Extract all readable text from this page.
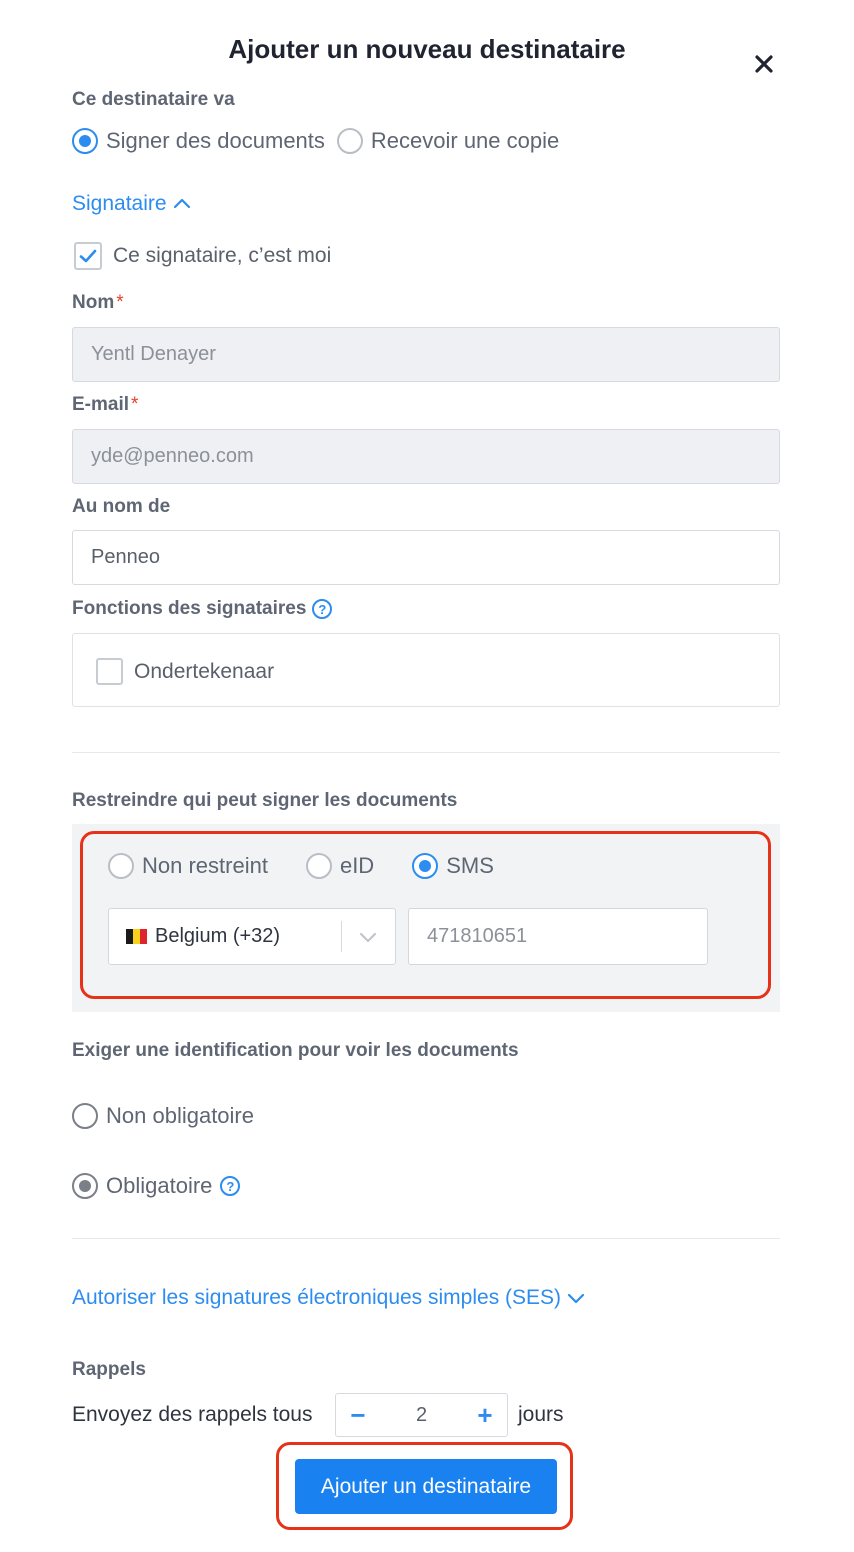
Ajouter un nouveau destinataire
Ce destinataire va
Signer des documents Recevoir une copie
Signataire
Ce signataire, c’est moi
Nom *
Yentl Denayer
E-mail *
yde@penneo.com
Au nom de
Penneo
Fonctions des signataires ?
Ondertekenaar
Restreindre qui peut signer les documents
Non restreint	eID	SMS
Belgium (+32)	471810651
Exiger une identification pour voir les documents
Non obligatoire
Obligatoire	?
Autoriser les signatures électroniques simples (SES)
Rappels
Envoyez des rappels tous	−	2	+	jours
Ajouter un destinataire
